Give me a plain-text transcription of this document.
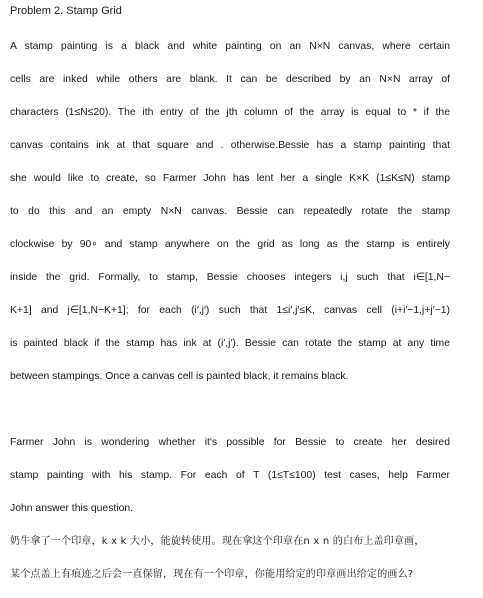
Problem 2. Stamp Grid
A stamp painting is a black and white painting on an N×N canvas, where certain
cells are inked while others are blank. It can be described by an N×N array of
characters (1≤N≤20). The ith entry of the jth column of the array is equal to * if the
canvas contains ink at that square and . otherwise.Bessie has a stamp painting that
she would like to create, so Farmer John has lent her a single K×K (1≤K≤N) stamp
to do this and an empty N×N canvas. Bessie can repeatedly rotate the stamp
clockwise by 90∘ and stamp anywhere on the grid as long as the stamp is entirely
inside the grid. Formally, to stamp, Bessie chooses integers i,j such that i∈[1,N−
K+1] and j∈[1,N−K+1]; for each (i′,j′) such that 1≤i′,j′≤K, canvas cell (i+i′−1,j+j′−1)
is painted black if the stamp has ink at (i′,j′). Bessie can rotate the stamp at any time
between stampings. Once a canvas cell is painted black, it remains black.
Farmer John is wondering whether it's possible for Bessie to create her desired
stamp painting with his stamp. For each of T (1≤T≤100) test cases, help Farmer
John answer this question.
奶牛拿了一个印章，k x k 大小，能旋转使用。现在拿这个印章在n x n 的白布上盖印章画，
某个点盖上有痕迹之后会一直保留，现在有一个印章，你能用给定的印章画出给定的画么?
